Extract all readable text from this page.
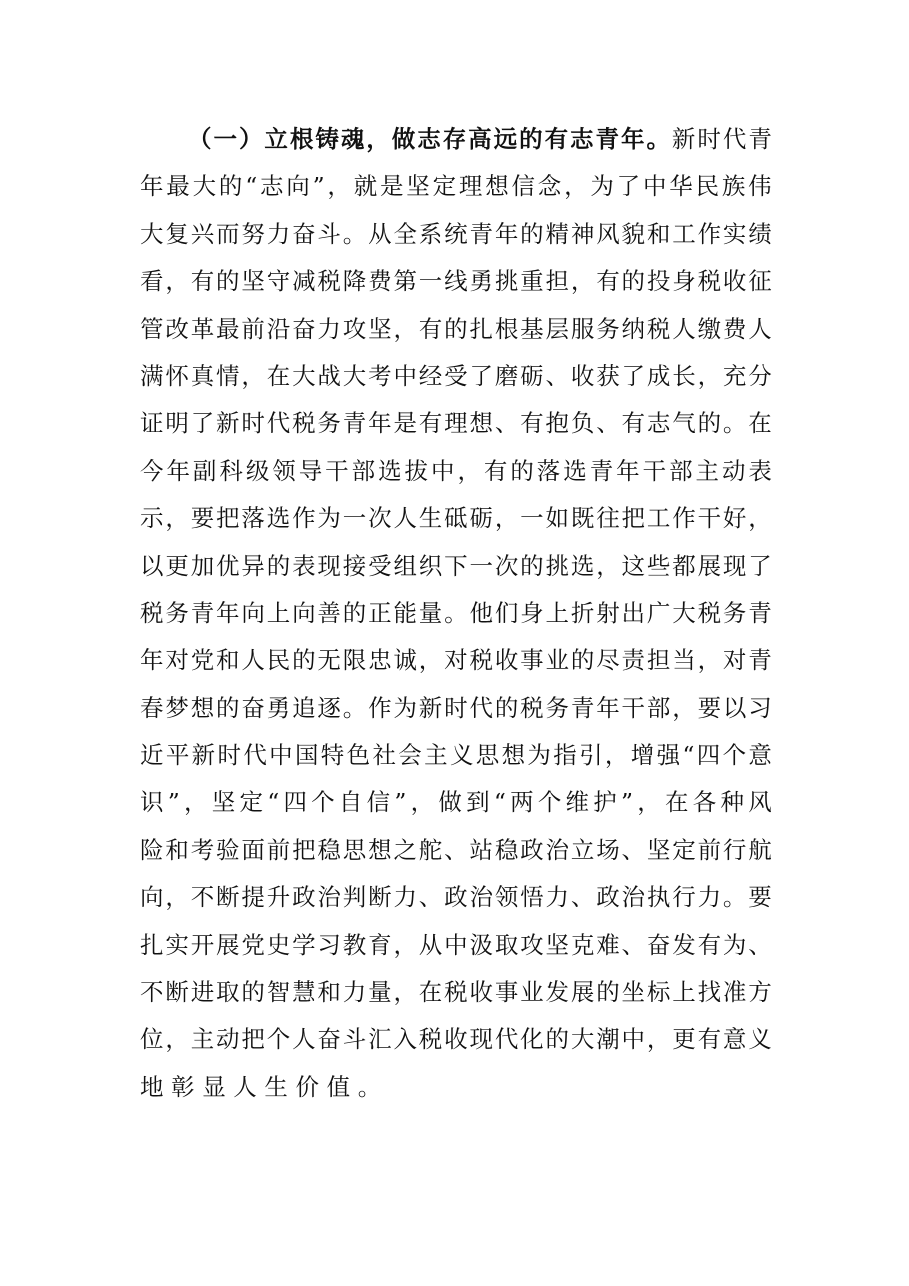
（ 一 ） 立 根 铸 魂 ， 做 志 存 高 远 的 有 志 青 年 。 新 时 代 青
年 最 大 的 “ 志 向 ” ， 就 是 坚 定 理 想 信 念 ， 为 了 中 华 民 族 伟
大 复 兴 而 努 力 奋 斗 。 从 全 系 统 青 年 的 精 神 风 貌 和 工 作 实 绩
看 ， 有 的 坚 守 减 税 降 费 第 一 线 勇 挑 重 担 ， 有 的 投 身 税 收 征
管 改 革 最 前 沿 奋 力 攻 坚 ， 有 的 扎 根 基 层 服 务 纳 税 人 缴 费 人
满 怀 真 情 ， 在 大 战 大 考 中 经 受 了 磨 砺 、 收 获 了 成 长 ， 充 分
证 明 了 新 时 代 税 务 青 年 是 有 理 想 、 有 抱 负 、 有 志 气 的 。 在
今 年 副 科 级 领 导 干 部 选 拔 中 ， 有 的 落 选 青 年 干 部 主 动 表
示 ， 要 把 落 选 作 为 一 次 人 生 砥 砺 ， 一 如 既 往 把 工 作 干 好 ，
以 更 加 优 异 的 表 现 接 受 组 织 下 一 次 的 挑 选 ， 这 些 都 展 现 了
税 务 青 年 向 上 向 善 的 正 能 量 。 他 们 身 上 折 射 出 广 大 税 务 青
年 对 党 和 人 民 的 无 限 忠 诚 ， 对 税 收 事 业 的 尽 责 担 当 ， 对 青
春 梦 想 的 奋 勇 追 逐 。 作 为 新 时 代 的 税 务 青 年 干 部 ， 要 以 习
近 平 新 时 代 中 国 特 色 社 会 主 义 思 想 为 指 引 ， 增 强 “ 四 个 意
识 ” ， 坚 定 “ 四 个 自 信 ” ， 做 到 “ 两 个 维 护 ” ， 在 各 种 风
险 和 考 验 面 前 把 稳 思 想 之 舵 、 站 稳 政 治 立 场 、 坚 定 前 行 航
向 ， 不 断 提 升 政 治 判 断 力 、 政 治 领 悟 力 、 政 治 执 行 力 。 要
扎 实 开 展 党 史 学 习 教 育 ， 从 中 汲 取 攻 坚 克 难 、 奋 发 有 为 、
不 断 进 取 的 智 慧 和 力 量 ， 在 税 收 事 业 发 展 的 坐 标 上 找 准 方
位 ， 主 动 把 个 人 奋 斗 汇 入 税 收 现 代 化 的 大 潮 中 ， 更 有 意 义
地彰显人生价值。
